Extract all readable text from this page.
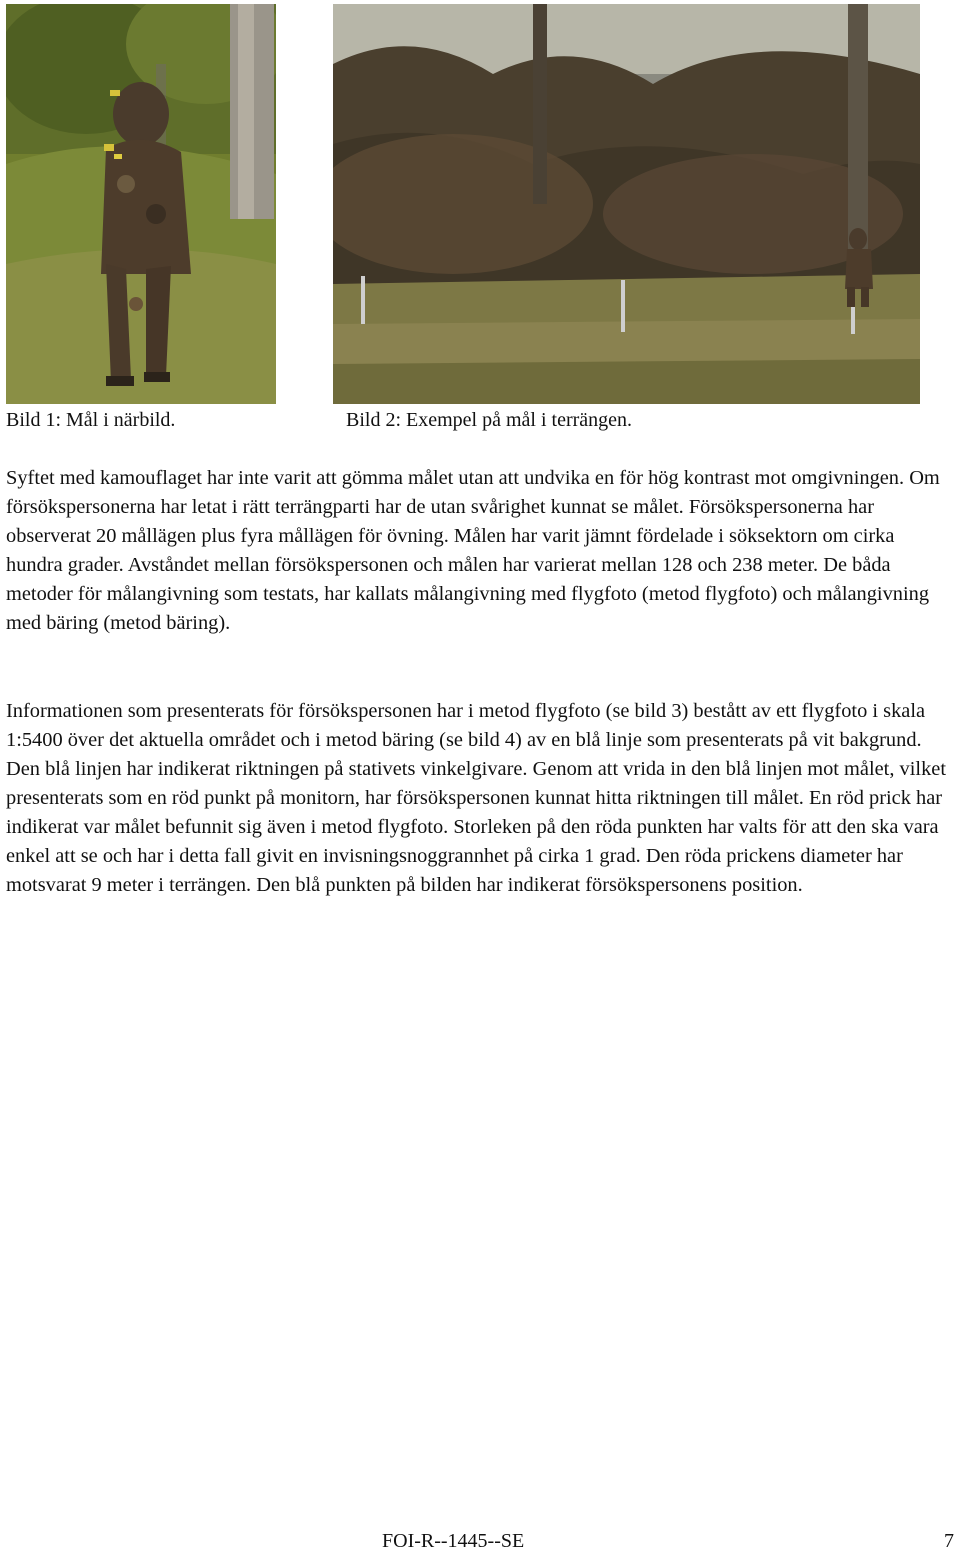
Bild 1: Mål i närbild.	Bild 2: Exempel på mål i terrängen.

Syftet med kamouflaget har inte varit att gömma målet utan att undvika en för hög kontrast mot omgivningen. Om försökspersonerna har letat i rätt terrängparti har de utan svårighet kunnat se målet. Försökspersonerna har observerat 20 mållägen plus fyra mållägen för övning. Målen har varit jämnt fördelade i söksektorn om cirka hundra grader. Avståndet mellan försökspersonen och målen har varierat mellan 128 och 238 meter. De båda metoder för målangivning som testats, har kallats målangivning med flygfoto (metod flygfoto) och målangivning med bäring (metod bäring).

Informationen som presenterats för försökspersonen har i metod flygfoto (se bild 3) bestått av ett flygfoto i skala 1:5400 över det aktuella området och i metod bäring (se bild 4) av en blå linje som presenterats på vit bakgrund. Den blå linjen har indikerat riktningen på stativets vinkelgivare. Genom att vrida in den blå linjen mot målet, vilket presenterats som en röd punkt på monitorn, har försökspersonen kunnat hitta riktningen till målet. En röd prick har indikerat var målet befunnit sig även i metod flygfoto. Storleken på den röda punkten har valts för att den ska vara enkel att se och har i detta fall givit en invisningsnoggrannhet på cirka 1 grad. Den röda prickens diameter har motsvarat 9 meter i terrängen. Den blå punkten på bilden har indikerat försökspersonens position.

FOI-R--1445--SE	7
